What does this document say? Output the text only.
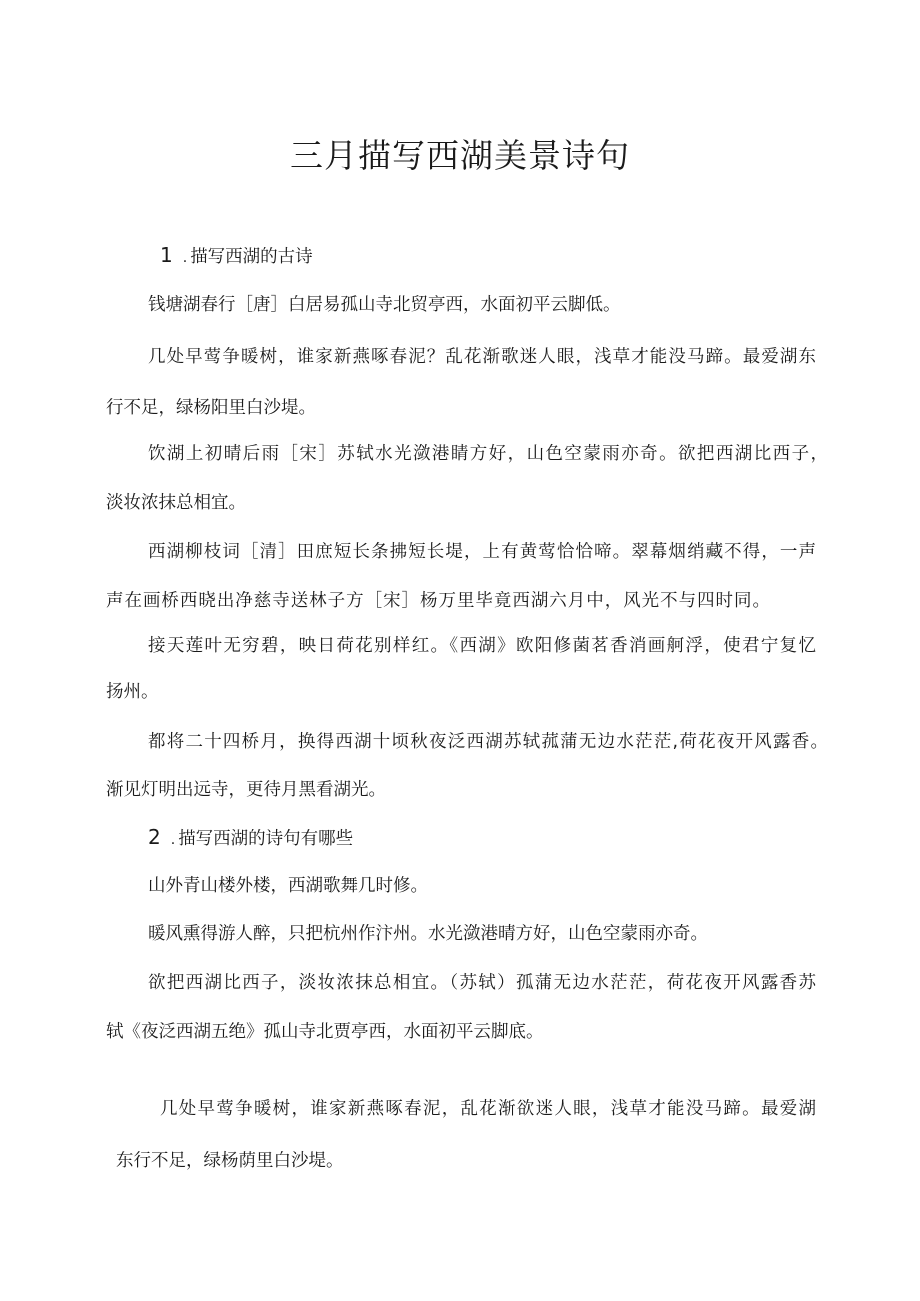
三月描写西湖美景诗句
1 . 描写西湖的古诗

钱塘湖春行［唐］白居易孤山寺北贸亭西，水面初平云脚低。

几处早莺争暖树，谁家新燕啄春泥？乱花渐歌迷人眼，浅草才能没马蹄。最爱湖东

行不足，绿杨阳里白沙堤。

饮湖上初晴后雨［宋］苏轼水光潋港睛方好，山色空蒙雨亦奇。欲把西湖比西子，

淡妆浓抹总相宜。

西湖柳枝词［清］田庶短长条拂短长堤，上有黄莺恰恰啼。翠幕烟绡藏不得，一声

声在画桥西晓出净慈寺送林子方［宋］杨万里毕竟西湖六月中，风光不与四时同。

接天莲叶无穷碧，映日荷花别样红。《西湖》欧阳修菌茗香消画舸浮，使君宁复忆

扬州。

都将二十四桥月，换得西湖十顷秋夜泛西湖苏轼菰蒲无边水茫茫,荷花夜开风露香。

渐见灯明出远寺，更待月黑看湖光。

2 . 描写西湖的诗句有哪些

山外青山楼外楼，西湖歌舞几时修。

暖风熏得游人醉，只把杭州作汴州。水光潋港晴方好，山色空蒙雨亦奇。

欲把西湖比西子，淡妆浓抹总相宜。（苏轼）孤蒲无边水茫茫，荷花夜开风露香苏

轼《夜泛西湖五绝》孤山寺北贾亭西，水面初平云脚底。

几处早莺争暖树，谁家新燕啄春泥，乱花渐欲迷人眼，浅草才能没马蹄。最爱湖

东行不足，绿杨荫里白沙堤。
